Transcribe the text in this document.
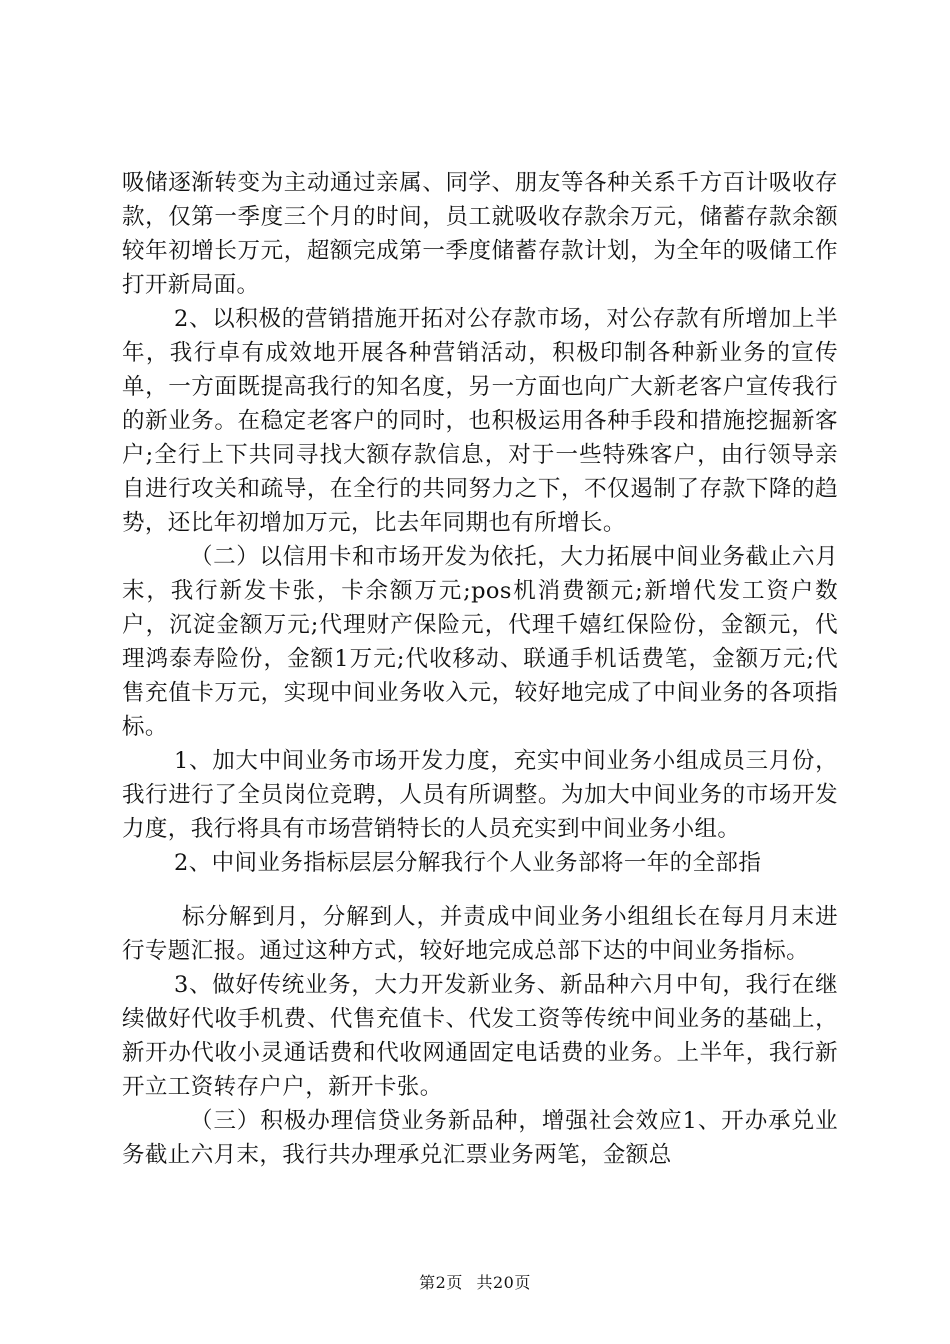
吸储逐渐转变为主动通过亲属、同学、朋友等各种关系千方百计吸收存款，仅第一季度三个月的时间，员工就吸收存款余万元，储蓄存款余额较年初增长万元，超额完成第一季度储蓄存款计划，为全年的吸储工作打开新局面。

2、以积极的营销措施开拓对公存款市场，对公存款有所增加上半年，我行卓有成效地开展各种营销活动，积极印制各种新业务的宣传单，一方面既提高我行的知名度，另一方面也向广大新老客户宣传我行的新业务。在稳定老客户的同时，也积极运用各种手段和措施挖掘新客户;全行上下共同寻找大额存款信息，对于一些特殊客户，由行领导亲自进行攻关和疏导，在全行的共同努力之下，不仅遏制了存款下降的趋势，还比年初增加万元，比去年同期也有所增长。

（二）以信用卡和市场开发为依托，大力拓展中间业务截止六月末，我行新发卡张，卡余额万元;pos机消费额元;新增代发工资户数户，沉淀金额万元;代理财产保险元，代理千嬉红保险份，金额元，代理鸿泰寿险份，金额1万元;代收移动、联通手机话费笔，金额万元;代售充值卡万元，实现中间业务收入元，较好地完成了中间业务的各项指标。

1、加大中间业务市场开发力度，充实中间业务小组成员三月份，我行进行了全员岗位竞聘，人员有所调整。为加大中间业务的市场开发力度，我行将具有市场营销特长的人员充实到中间业务小组。

2、中间业务指标层层分解我行个人业务部将一年的全部指

标分解到月，分解到人，并责成中间业务小组组长在每月月末进行专题汇报。通过这种方式，较好地完成总部下达的中间业务指标。

3、做好传统业务，大力开发新业务、新品种六月中旬，我行在继续做好代收手机费、代售充值卡、代发工资等传统中间业务的基础上，新开办代收小灵通话费和代收网通固定电话费的业务。上半年，我行新开立工资转存户户，新开卡张。

（三）积极办理信贷业务新品种，增强社会效应1、开办承兑业务截止六月末，我行共办理承兑汇票业务两笔，金额总

第2页 共20页
